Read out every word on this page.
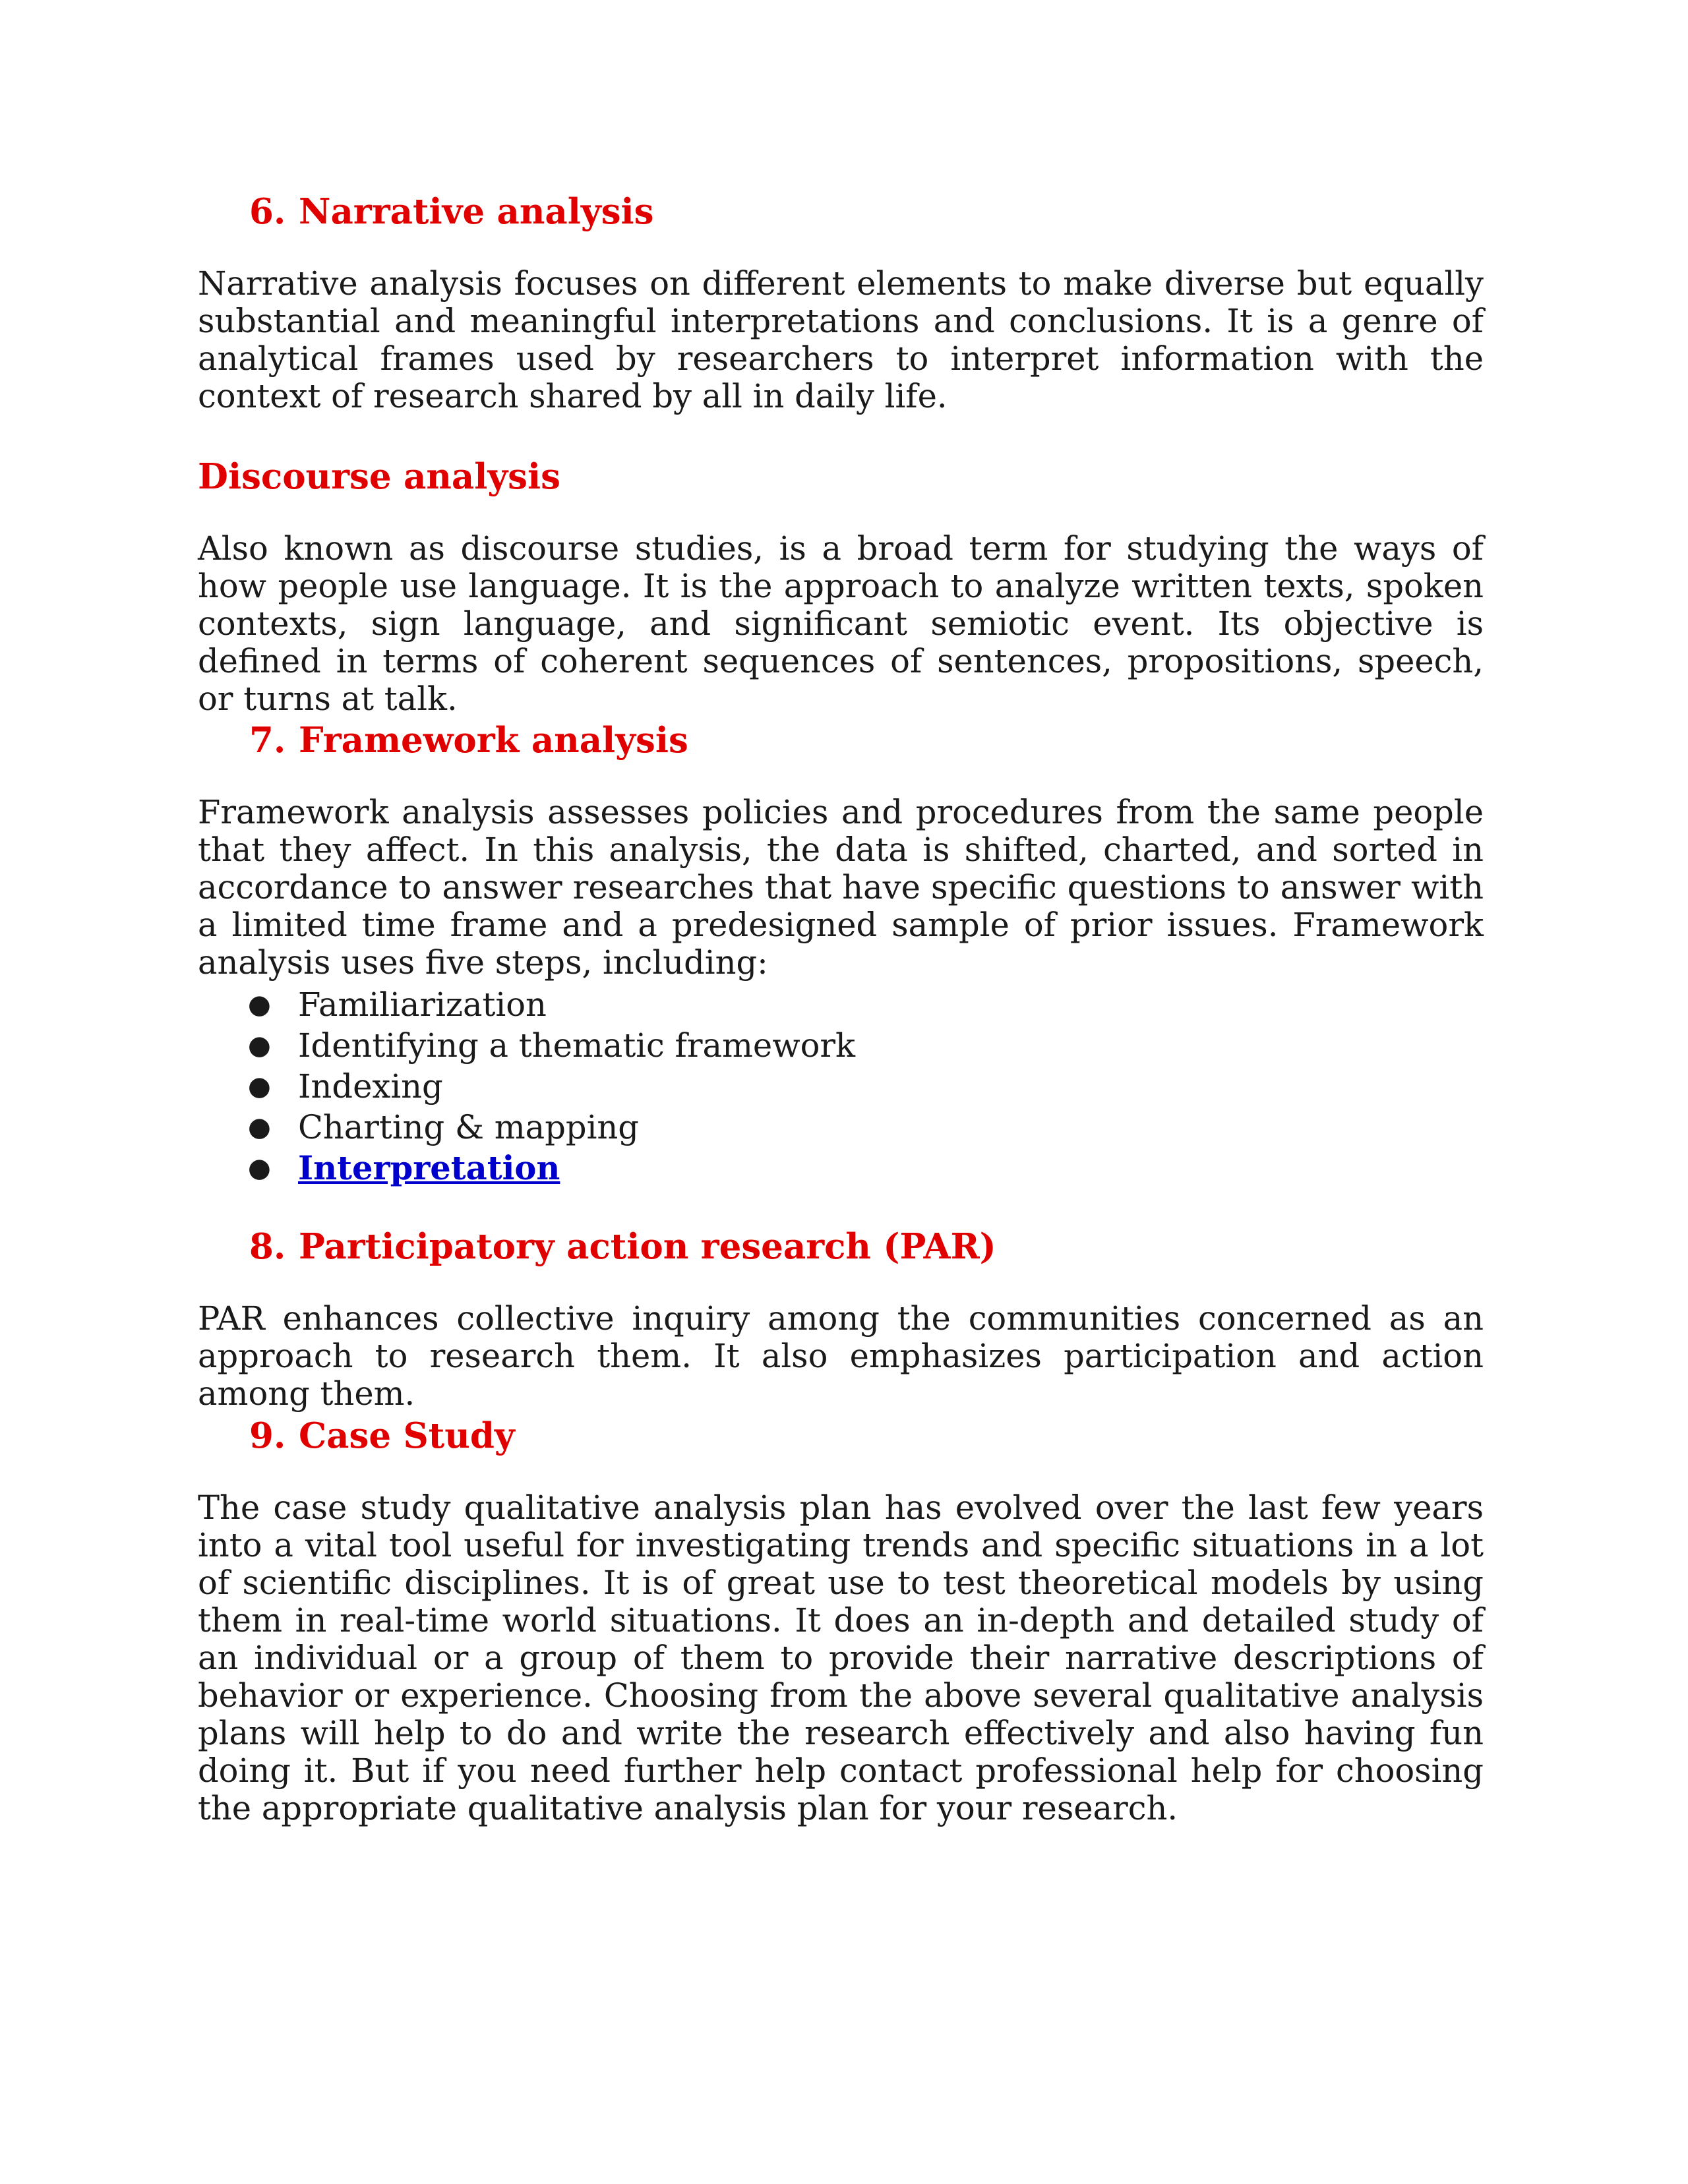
6. Narrative analysis

Narrative analysis focuses on different elements to make diverse but equally substantial and meaningful interpretations and conclusions. It is a genre of analytical frames used by researchers to interpret information with the context of research shared by all in daily life.

Discourse analysis

Also known as discourse studies, is a broad term for studying the ways of how people use language. It is the approach to analyze written texts, spoken contexts, sign language, and significant semiotic event. Its objective is defined in terms of coherent sequences of sentences, propositions, speech, or turns at talk.

7. Framework analysis

Framework analysis assesses policies and procedures from the same people that they affect. In this analysis, the data is shifted, charted, and sorted in accordance to answer researches that have specific questions to answer with a limited time frame and a predesigned sample of prior issues. Framework analysis uses five steps, including:

● Familiarization
● Identifying a thematic framework
● Indexing
● Charting & mapping
● Interpretation
8. Participatory action research (PAR)

PAR enhances collective inquiry among the communities concerned as an approach to research them. It also emphasizes participation and action among them.

9. Case Study

The case study qualitative analysis plan has evolved over the last few years into a vital tool useful for investigating trends and specific situations in a lot of scientific disciplines. It is of great use to test theoretical models by using them in real-time world situations. It does an in-depth and detailed study of an individual or a group of them to provide their narrative descriptions of behavior or experience. Choosing from the above several qualitative analysis plans will help to do and write the research effectively and also having fun doing it. But if you need further help contact professional help for choosing the appropriate qualitative analysis plan for your research.
